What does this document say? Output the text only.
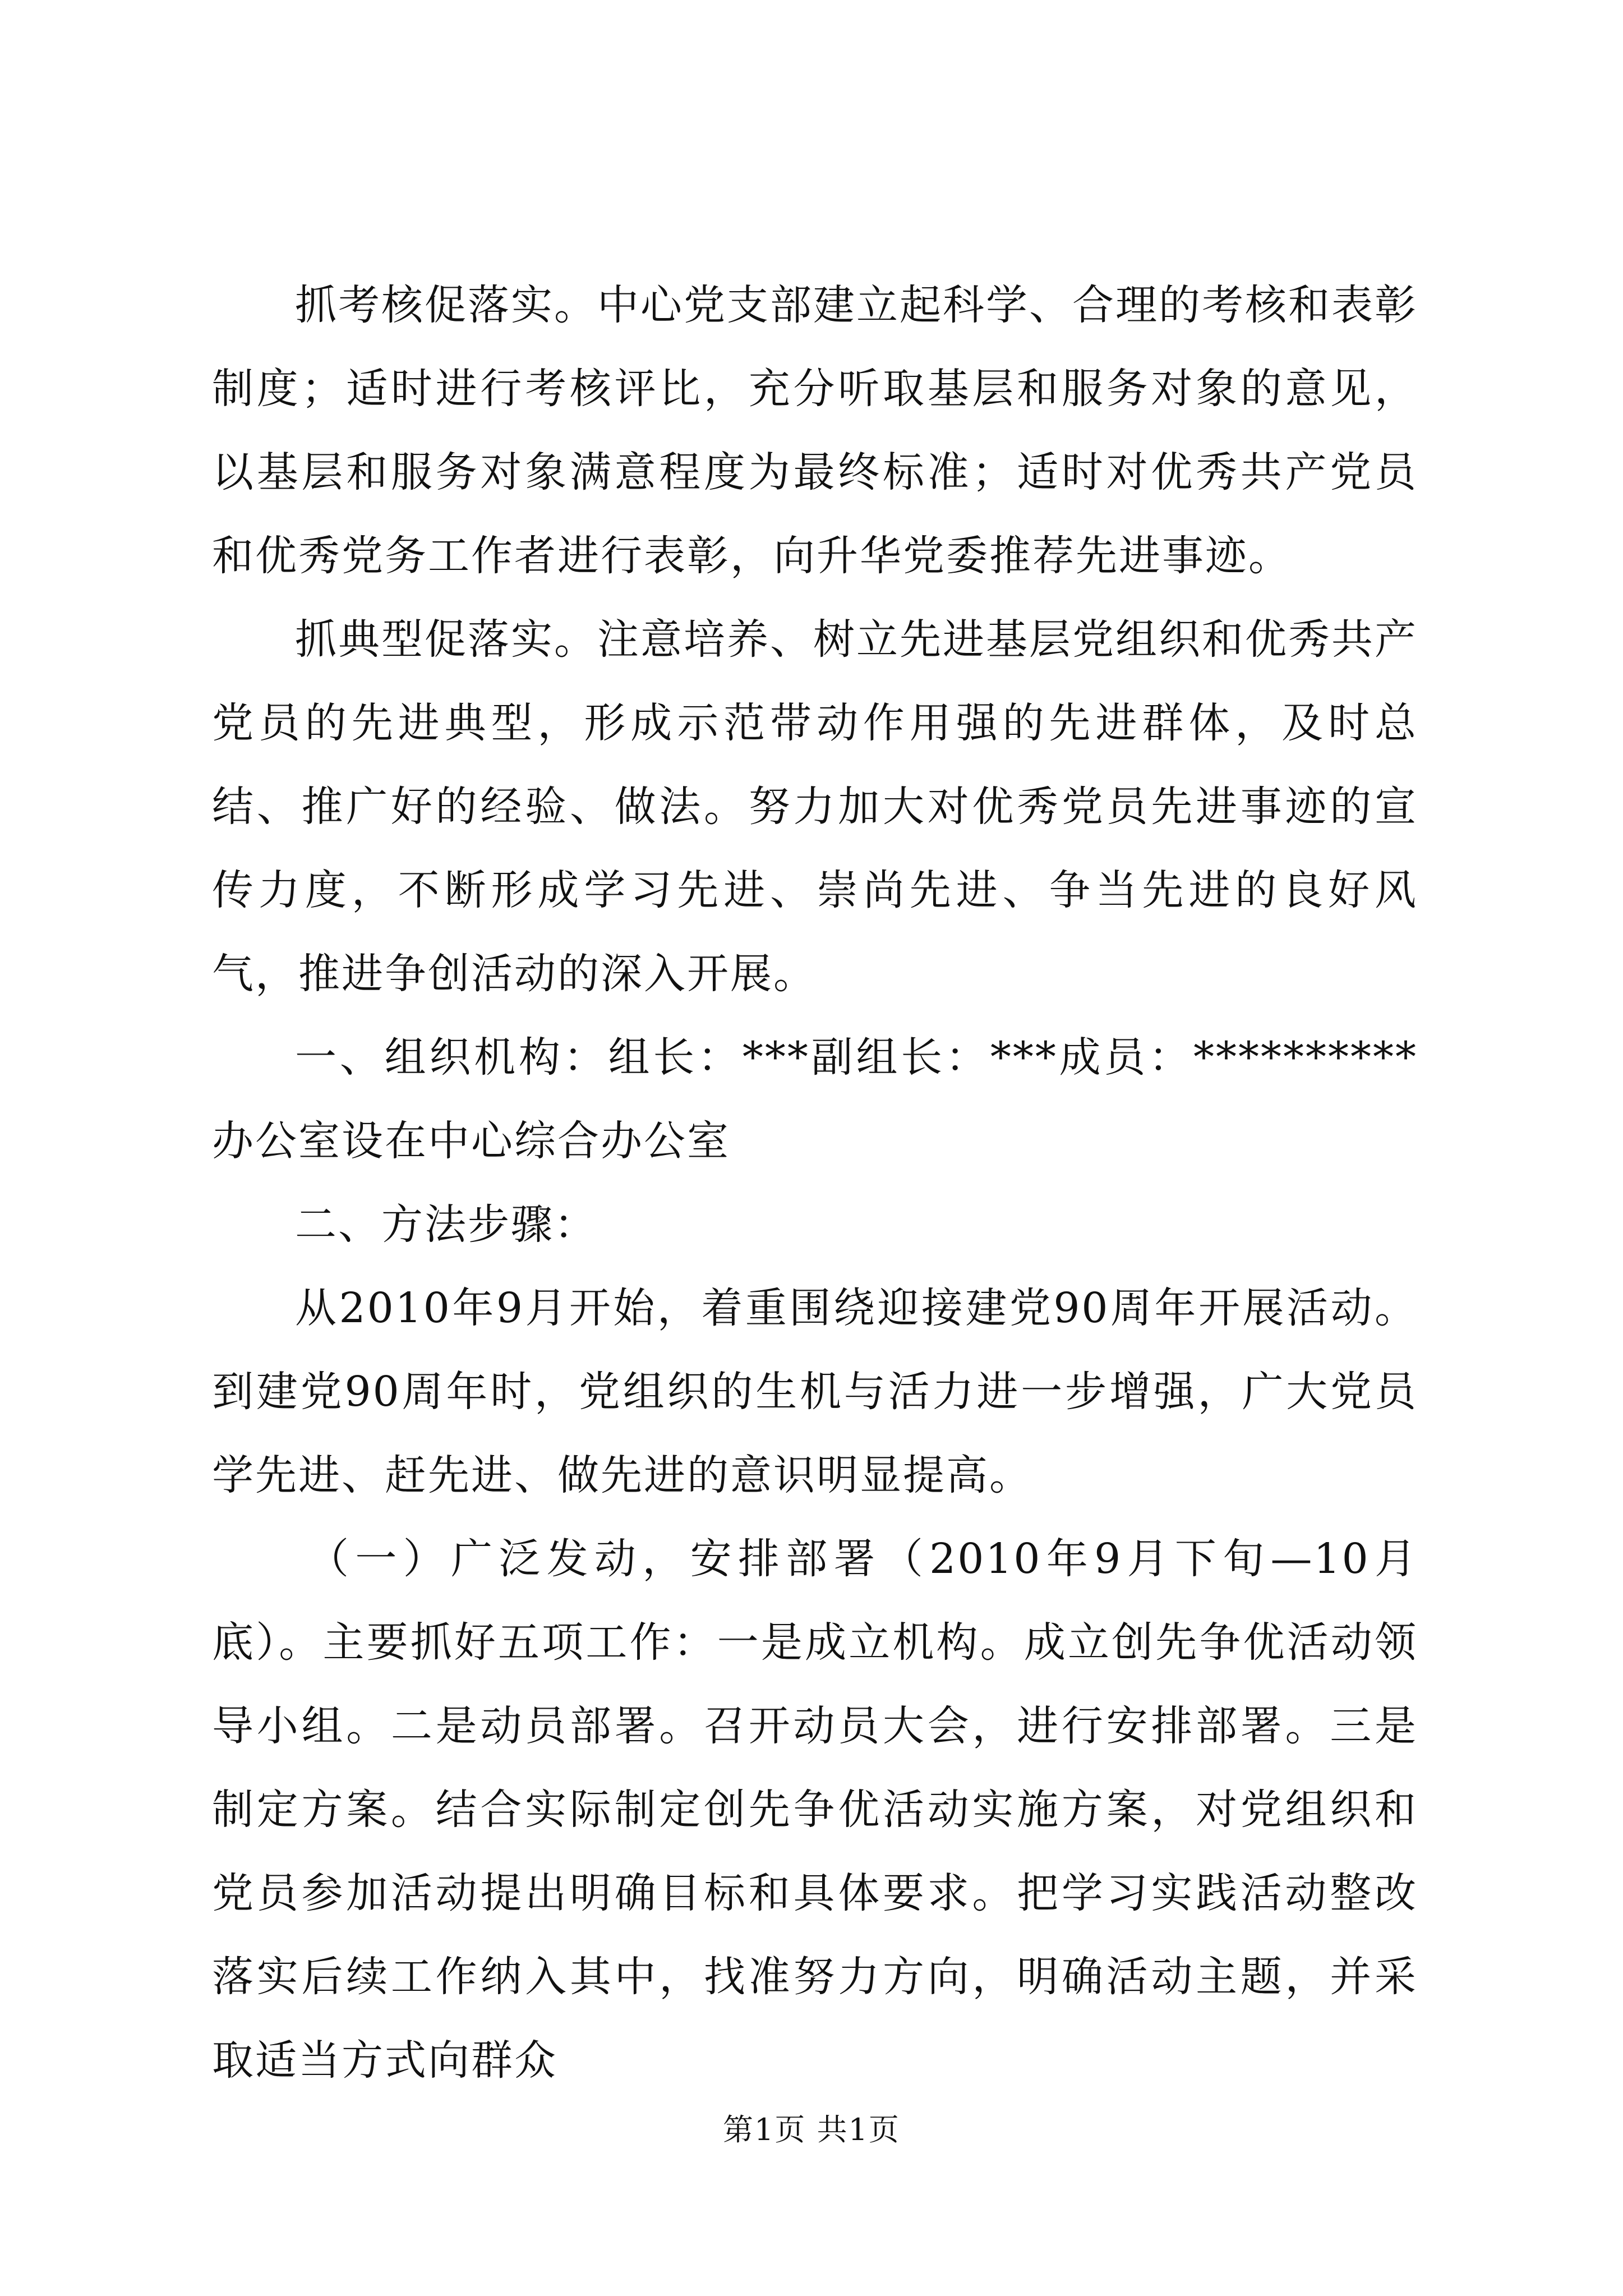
抓考核促落实。中心党支部建立起科学、合理的考核和表彰制度；适时进行考核评比，充分听取基层和服务对象的意见，以基层和服务对象满意程度为最终标准；适时对优秀共产党员和优秀党务工作者进行表彰，向升华党委推荐先进事迹。

抓典型促落实。注意培养、树立先进基层党组织和优秀共产党员的先进典型，形成示范带动作用强的先进群体，及时总结、推广好的经验、做法。努力加大对优秀党员先进事迹的宣传力度，不断形成学习先进、崇尚先进、争当先进的良好风气，推进争创活动的深入开展。

一、组织机构：组长：***副组长：***成员：**********办公室设在中心综合办公室

二、方法步骤：

从2010年9月开始，着重围绕迎接建党90周年开展活动。到建党90周年时，党组织的生机与活力进一步增强，广大党员学先进、赶先进、做先进的意识明显提高。

（一）广泛发动，安排部署（2010年9月下旬—10月底）。主要抓好五项工作：一是成立机构。成立创先争优活动领导小组。二是动员部署。召开动员大会，进行安排部署。三是制定方案。结合实际制定创先争优活动实施方案，对党组织和党员参加活动提出明确目标和具体要求。把学习实践活动整改落实后续工作纳入其中，找准努力方向，明确活动主题，并采取适当方式向群众

第1页 共1页
